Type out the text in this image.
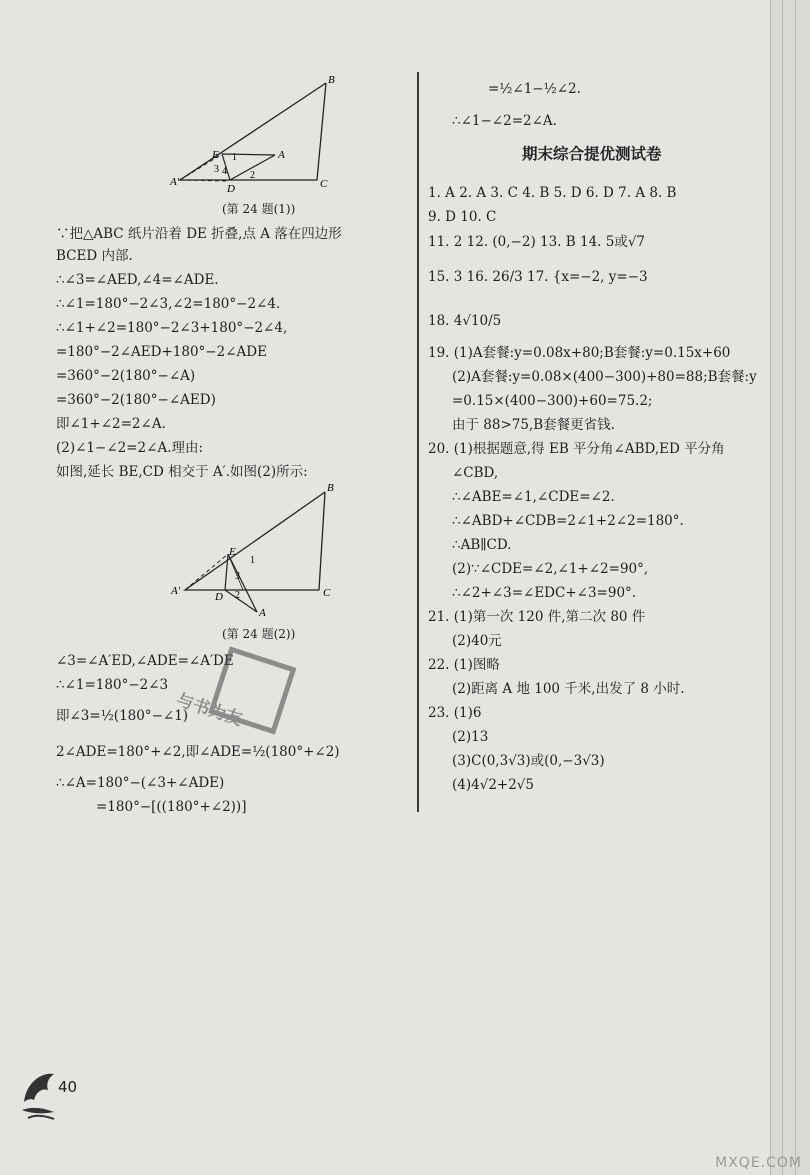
B
E	A
3 4
1
2
A′
D	C
(第 24 题(1))
∵把△ABC 纸片沿着 DE 折叠,点 A 落在四边形
BCED 内部.
∴∠3=∠AED,∠4=∠ADE.
∴∠1=180°−2∠3,∠2=180°−2∠4.
∴∠1+∠2=180°−2∠3+180°−2∠4,
=180°−2∠AED+180°−2∠ADE
=360°−2(180°−∠A)
=360°−2(180°−∠AED)
即∠1+∠2=2∠A.
(2)∠1−∠2=2∠A.理由:
如图,延长 BE,CD 相交于 A′.如图(2)所示:
B
E
1
3
A′	D 2	C
A
(第 24 题(2))
∠3=∠A′ED,∠ADE=∠A′DE
∴∠1=180°−2∠3
即∠3=½(180°−∠1)
2∠ADE=180°+∠2,即∠ADE=½(180°+∠2)
∴∠A=180°−(∠3+∠ADE)
=180°−[((180°+∠2))]
与书为友
=½∠1−½∠2.
∴∠1−∠2=2∠A.
期末综合提优测试卷
1. A 2. A 3. C 4. B 5. D 6. D 7. A 8. B
9. D 10. C
11. 2 12. (0,−2) 13. B 14. 5或√7
15. 3 16. 26/3 17. {x=−2, y=−3
18. 4√10/5
19. (1)A套餐:y=0.08x+80;B套餐:y=0.15x+60
(2)A套餐:y=0.08×(400−300)+80=88;B套餐:y
=0.15×(400−300)+60=75.2;
由于 88>75,B套餐更省钱.
20. (1)根据题意,得 EB 平分角∠ABD,ED 平分角
∠CBD,
∴∠ABE=∠1,∠CDE=∠2.
∴∠ABD+∠CDB=2∠1+2∠2=180°.
∴AB∥CD.
(2)∵∠CDE=∠2,∠1+∠2=90°,
∴∠2+∠3=∠EDC+∠3=90°.
21. (1)第一次 120 件,第二次 80 件
(2)40元
22. (1)图略
(2)距离 A 地 100 千米,出发了 8 小时.
23. (1)6
(2)13
(3)C(0,3√3)或(0,−3√3)
(4)4√2+2√5
40
MXQE.COM
